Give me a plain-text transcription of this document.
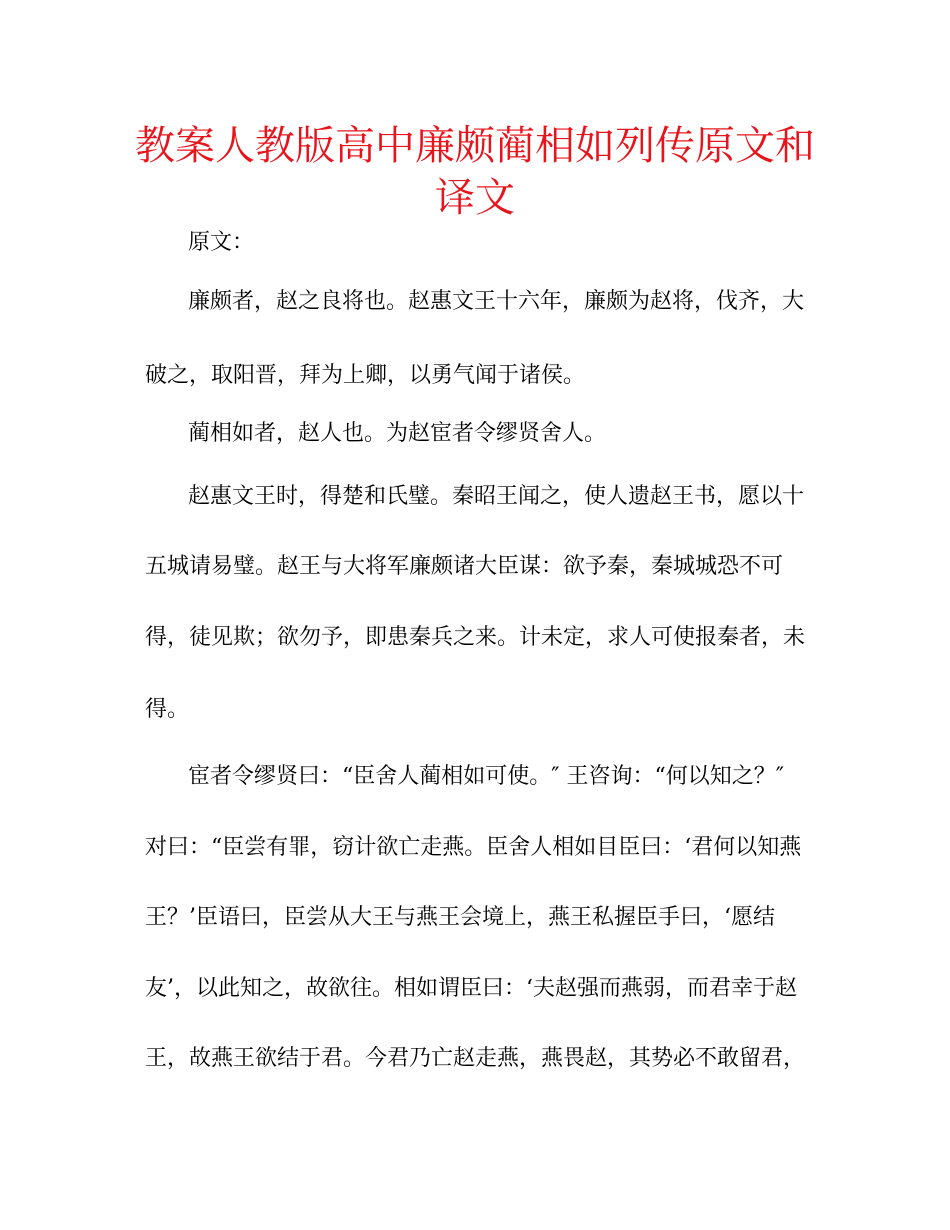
教案人教版高中廉颇蔺相如列传原文和译文

原文：

廉颇者，赵之良将也。赵惠文王十六年，廉颇为赵将，伐齐，大

破之，取阳晋，拜为上卿，以勇气闻于诸侯。

蔺相如者，赵人也。为赵宦者令缪贤舍人。

赵惠文王时，得楚和氏璧。秦昭王闻之，使人遗赵王书，愿以十

五城请易璧。赵王与大将军廉颇诸大臣谋：欲予秦，秦城城恐不可

得，徒见欺；欲勿予，即患秦兵之来。计未定，求人可使报秦者，未

得。

宦者令缪贤曰：“臣舍人蔺相如可使。″ 王咨询：“何以知之？″

对曰：“臣尝有罪，窃计欲亡走燕。臣舍人相如目臣曰：‘君何以知燕

王？’臣语曰，臣尝从大王与燕王会境上，燕王私握臣手曰，‘愿结

友’，以此知之，故欲往。相如谓臣曰：‘夫赵强而燕弱，而君幸于赵

王，故燕王欲结于君。今君乃亡赵走燕，燕畏赵，其势必不敢留君，
